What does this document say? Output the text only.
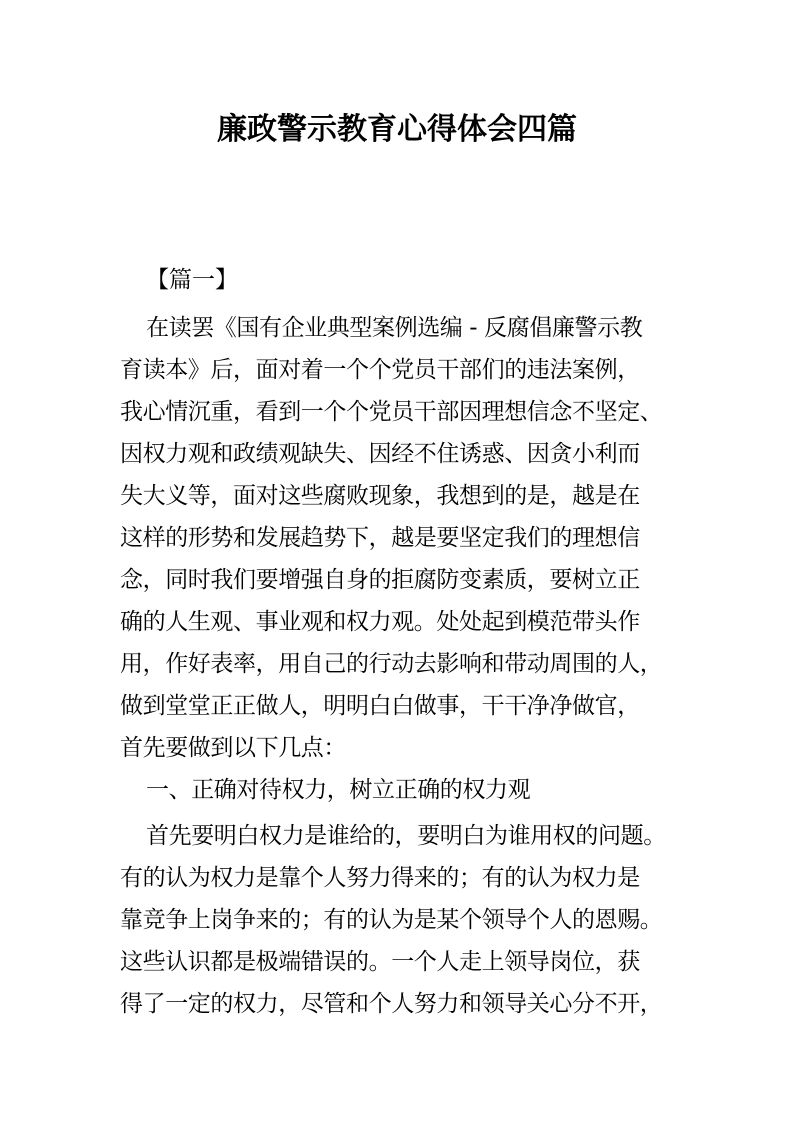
廉政警示教育心得体会四篇
【篇一】
在读罢《国有企业典型案例选编 - 反腐倡廉警示教
育读本》后，面对着一个个党员干部们的违法案例，
我心情沉重，看到一个个党员干部因理想信念不坚定、
因权力观和政绩观缺失、因经不住诱惑、因贪小利而
失大义等，面对这些腐败现象，我想到的是，越是在
这样的形势和发展趋势下，越是要坚定我们的理想信
念，同时我们要增强自身的拒腐防变素质，要树立正
确的人生观、事业观和权力观。处处起到模范带头作
用，作好表率，用自己的行动去影响和带动周围的人，
做到堂堂正正做人，明明白白做事，干干净净做官，
首先要做到以下几点：
一、正确对待权力，树立正确的权力观
首先要明白权力是谁给的，要明白为谁用权的问题。
有的认为权力是靠个人努力得来的；有的认为权力是
靠竞争上岗争来的；有的认为是某个领导个人的恩赐。
这些认识都是极端错误的。一个人走上领导岗位，获
得了一定的权力，尽管和个人努力和领导关心分不开，
